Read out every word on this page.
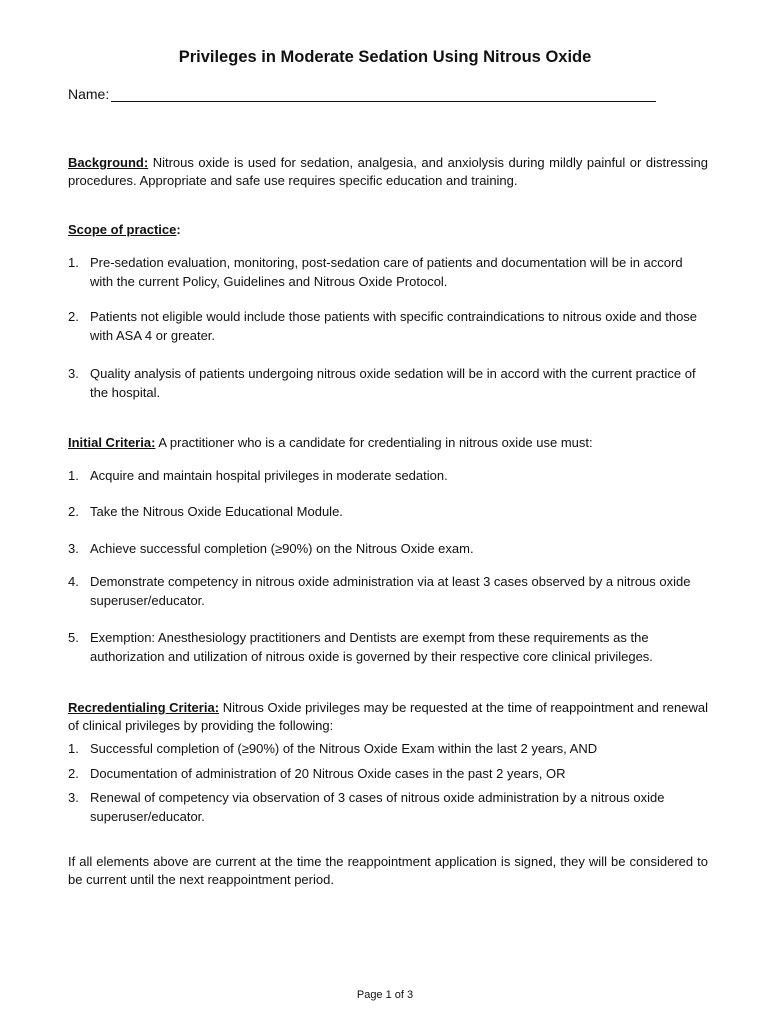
Privileges in Moderate Sedation Using Nitrous Oxide
Name:
Background: Nitrous oxide is used for sedation, analgesia, and anxiolysis during mildly painful or distressing procedures. Appropriate and safe use requires specific education and training.
Scope of practice:
1. Pre-sedation evaluation, monitoring, post-sedation care of patients and documentation will be in accord with the current Policy, Guidelines and Nitrous Oxide Protocol.
2. Patients not eligible would include those patients with specific contraindications to nitrous oxide and those with ASA 4 or greater.
3. Quality analysis of patients undergoing nitrous oxide sedation will be in accord with the current practice of the hospital.
Initial Criteria: A practitioner who is a candidate for credentialing in nitrous oxide use must:
1. Acquire and maintain hospital privileges in moderate sedation.
2. Take the Nitrous Oxide Educational Module.
3. Achieve successful completion (≥90%) on the Nitrous Oxide exam.
4. Demonstrate competency in nitrous oxide administration via at least 3 cases observed by a nitrous oxide superuser/educator.
5. Exemption: Anesthesiology practitioners and Dentists are exempt from these requirements as the authorization and utilization of nitrous oxide is governed by their respective core clinical privileges.
Recredentialing Criteria: Nitrous Oxide privileges may be requested at the time of reappointment and renewal of clinical privileges by providing the following:
1. Successful completion of (≥90%) of the Nitrous Oxide Exam within the last 2 years, AND
2. Documentation of administration of 20 Nitrous Oxide cases in the past 2 years, OR
3. Renewal of competency via observation of 3 cases of nitrous oxide administration by a nitrous oxide superuser/educator.
If all elements above are current at the time the reappointment application is signed, they will be considered to be current until the next reappointment period.
Page 1 of 3
